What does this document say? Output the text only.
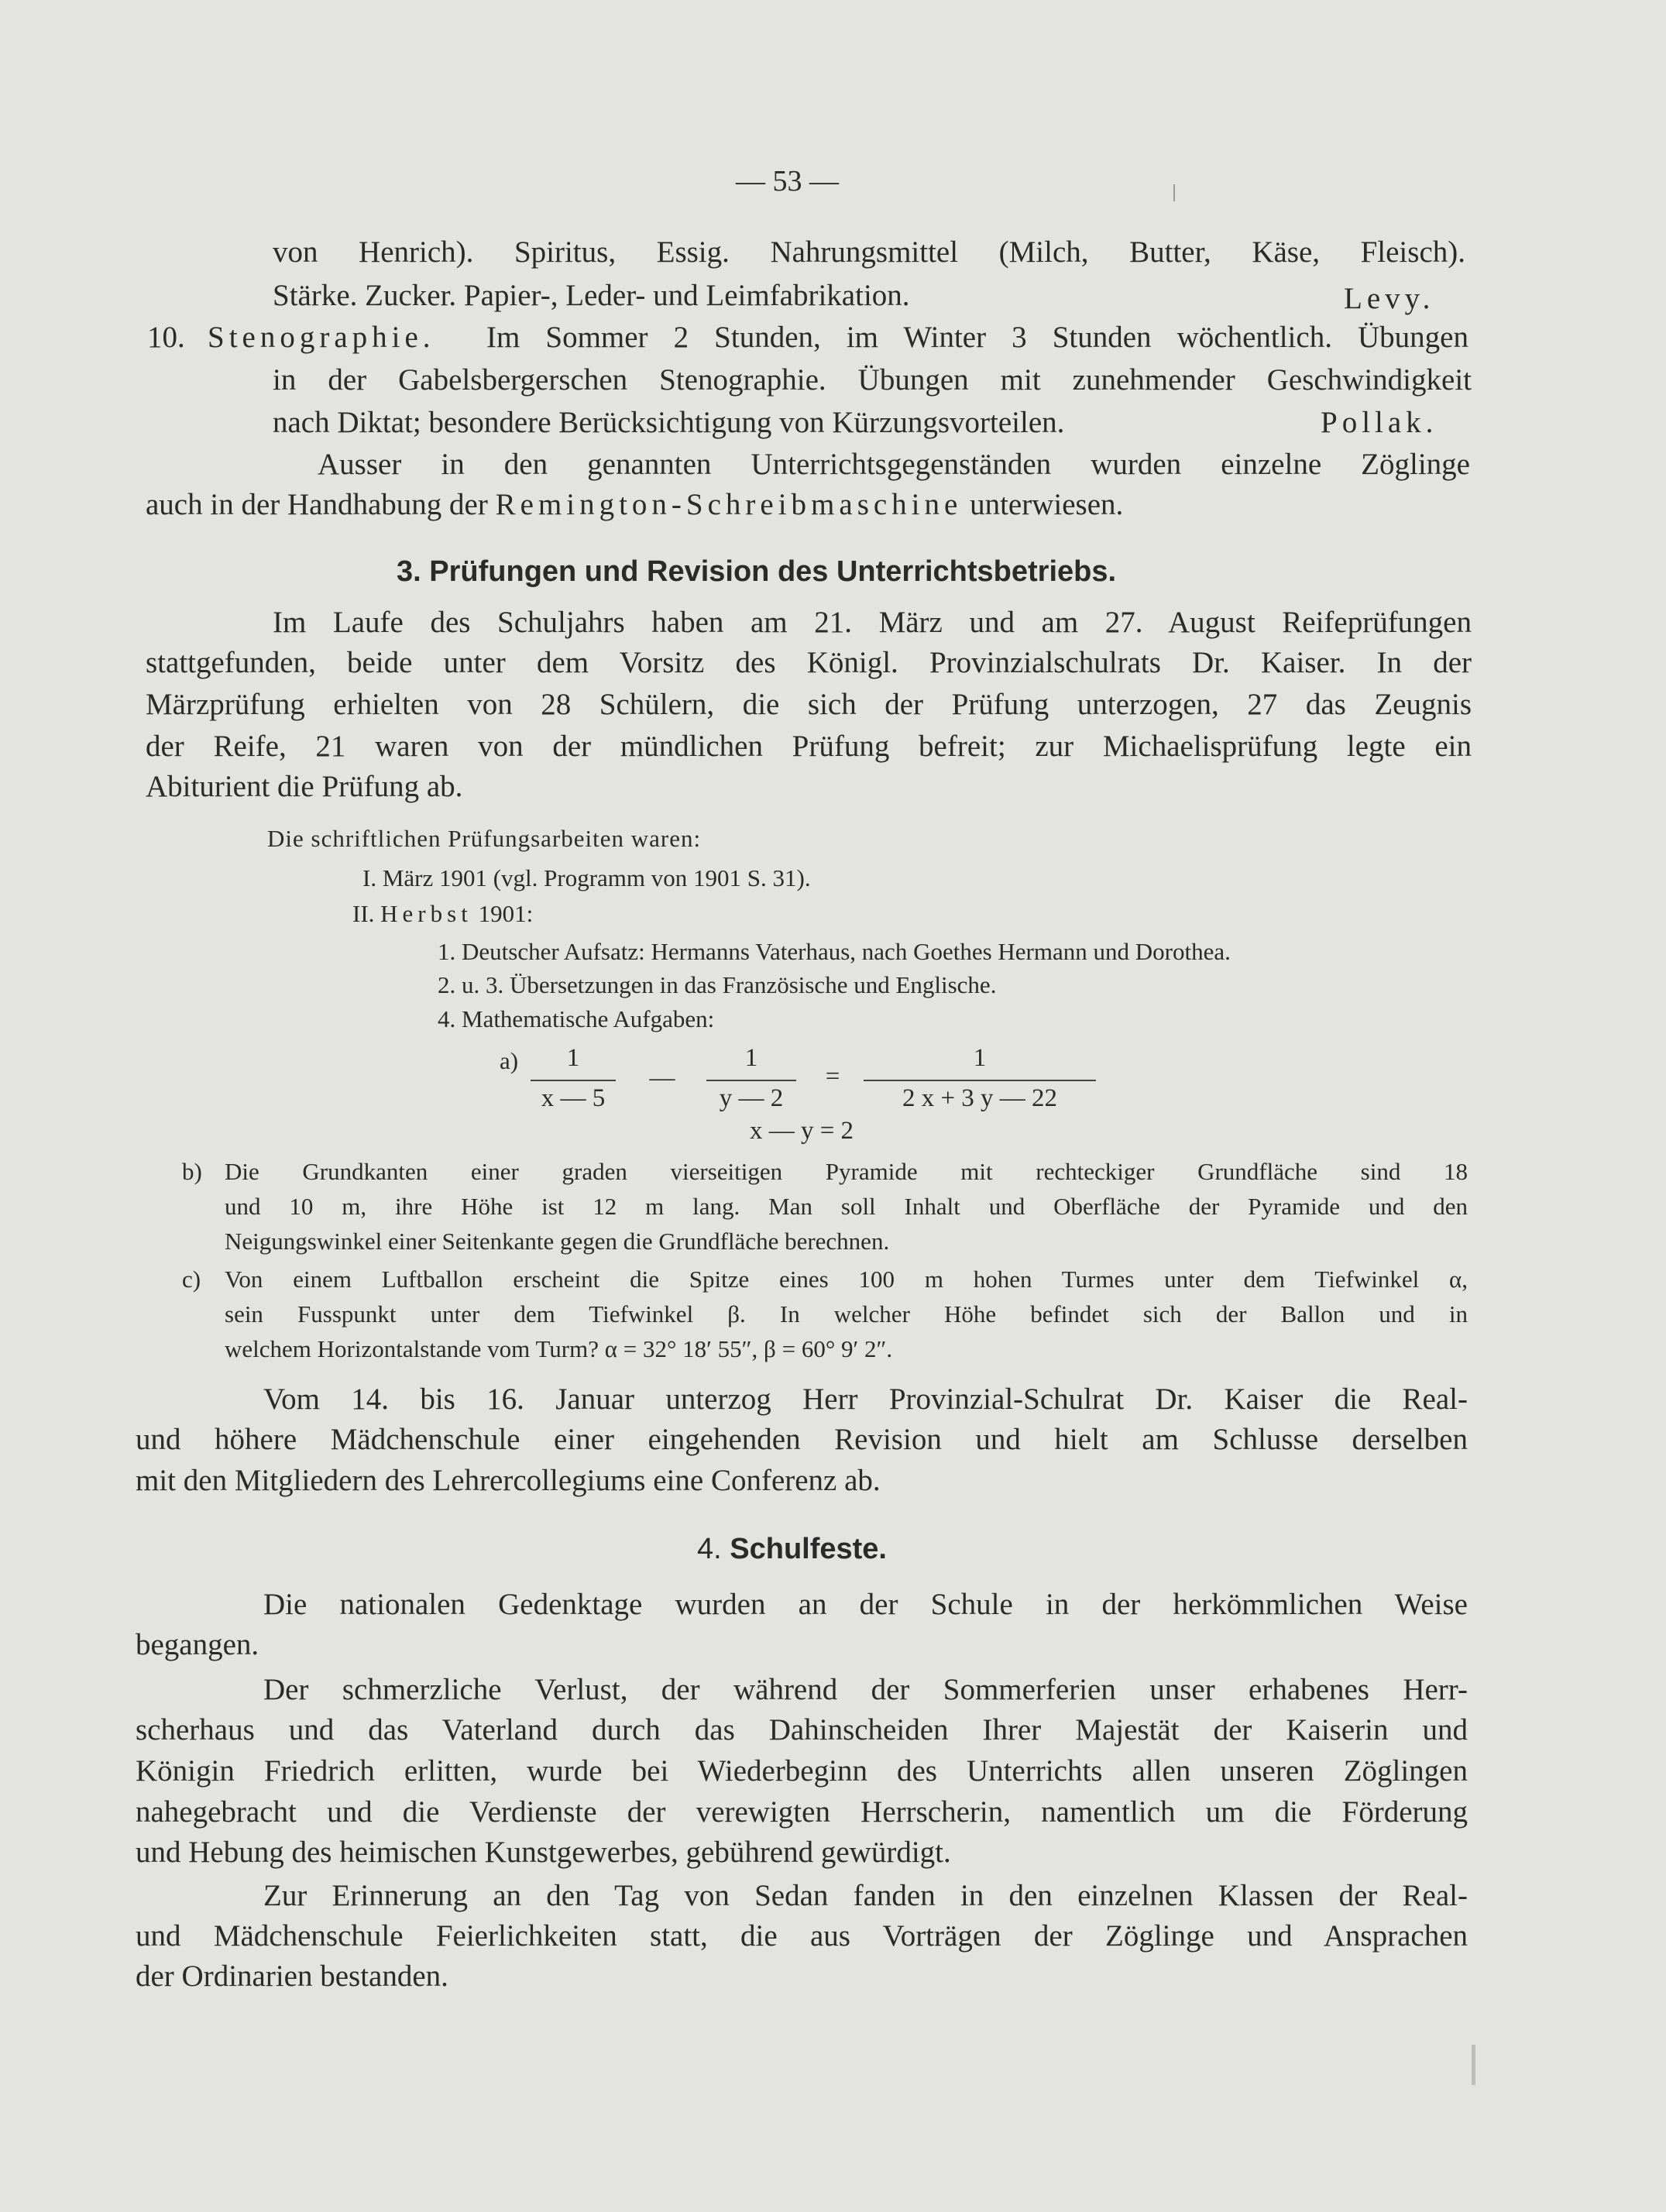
— 53 —
von Henrich). Spiritus, Essig. Nahrungsmittel (Milch, Butter, Käse, Fleisch).
Stärke. Zucker. Papier-, Leder- und Leimfabrikation.	Levy.
10. Stenographie. Im Sommer 2 Stunden, im Winter 3 Stunden wöchentlich. Übungen
in der Gabelsbergerschen Stenographie. Übungen mit zunehmender Geschwindigkeit
nach Diktat; besondere Berücksichtigung von Kürzungsvorteilen.	Pollak.
Ausser in den genannten Unterrichtsgegenständen wurden einzelne Zöglinge
auch in der Handhabung der Remington-Schreibmaschine unterwiesen.
3. Prüfungen und Revision des Unterrichtsbetriebs.
Im Laufe des Schuljahrs haben am 21. März und am 27. August Reifeprüfungen
stattgefunden, beide unter dem Vorsitz des Königl. Provinzialschulrats Dr. Kaiser. In der
Märzprüfung erhielten von 28 Schülern, die sich der Prüfung unterzogen, 27 das Zeugnis
der Reife, 21 waren von der mündlichen Prüfung befreit; zur Michaelisprüfung legte ein
Abiturient die Prüfung ab.
Die schriftlichen Prüfungsarbeiten waren:
I. März 1901 (vgl. Programm von 1901 S. 31).
II. Herbst 1901:
1. Deutscher Aufsatz: Hermanns Vaterhaus, nach Goethes Hermann und Dorothea.
2. u. 3. Übersetzungen in das Französische und Englische.
4. Mathematische Aufgaben:
a)	1
x — 5
—
1
y — 2
=
1
2 x + 3 y — 22
x — y = 2
b) Die Grundkanten einer graden vierseitigen Pyramide mit rechteckiger Grundfläche sind 18
und 10 m, ihre Höhe ist 12 m lang. Man soll Inhalt und Oberfläche der Pyramide und den
Neigungswinkel einer Seitenkante gegen die Grundfläche berechnen.
c) Von einem Luftballon erscheint die Spitze eines 100 m hohen Turmes unter dem Tiefwinkel α,
sein Fusspunkt unter dem Tiefwinkel β. In welcher Höhe befindet sich der Ballon und in
welchem Horizontalstande vom Turm? α = 32° 18′ 55″, β = 60° 9′ 2″.
Vom 14. bis 16. Januar unterzog Herr Provinzial-Schulrat Dr. Kaiser die Real-
und höhere Mädchenschule einer eingehenden Revision und hielt am Schlusse derselben
mit den Mitgliedern des Lehrercollegiums eine Conferenz ab.
4. Schulfeste.
Die nationalen Gedenktage wurden an der Schule in der herkömmlichen Weise
begangen.
Der schmerzliche Verlust, der während der Sommerferien unser erhabenes Herr-
scherhaus und das Vaterland durch das Dahinscheiden Ihrer Majestät der Kaiserin und
Königin Friedrich erlitten, wurde bei Wiederbeginn des Unterrichts allen unseren Zöglingen
nahegebracht und die Verdienste der verewigten Herrscherin, namentlich um die Förderung
und Hebung des heimischen Kunstgewerbes, gebührend gewürdigt.
Zur Erinnerung an den Tag von Sedan fanden in den einzelnen Klassen der Real-
und Mädchenschule Feierlichkeiten statt, die aus Vorträgen der Zöglinge und Ansprachen
der Ordinarien bestanden.
